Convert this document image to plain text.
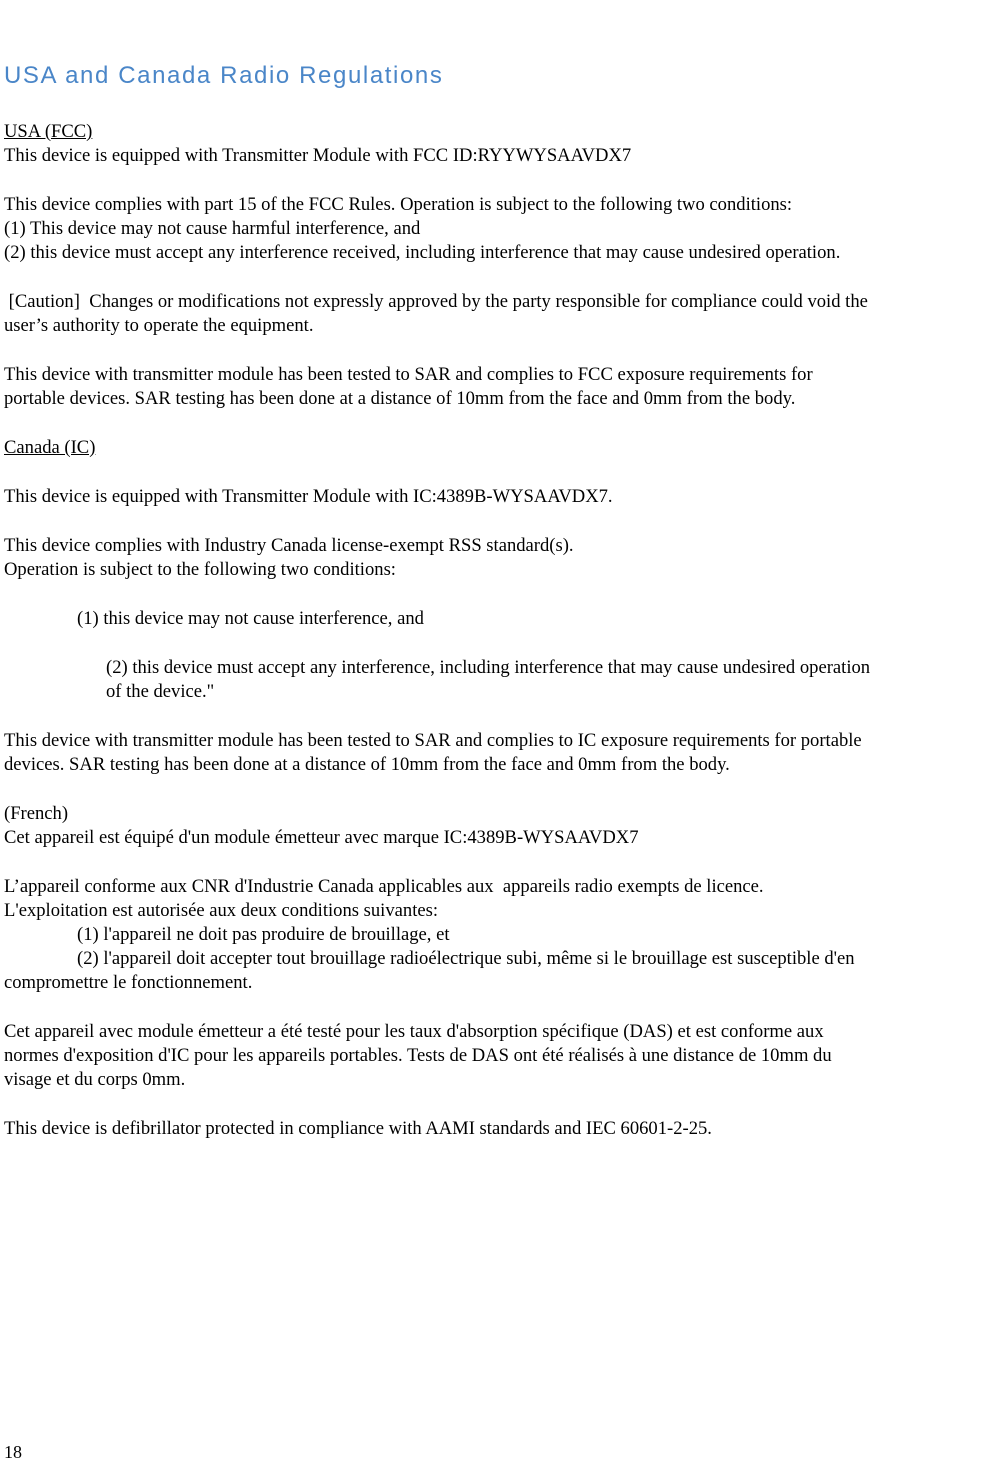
USA and Canada Radio Regulations
USA (FCC)
This device is equipped with Transmitter Module with FCC ID:RYYWYSAAVDX7
This device complies with part 15 of the FCC Rules. Operation is subject to the following two conditions:
(1) This device may not cause harmful interference, and
(2) this device must accept any interference received, including interference that may cause undesired operation.
[Caution]  Changes or modifications not expressly approved by the party responsible for compliance could void the
user’s authority to operate the equipment.
This device with transmitter module has been tested to SAR and complies to FCC exposure requirements for
portable devices. SAR testing has been done at a distance of 10mm from the face and 0mm from the body.
Canada (IC)
This device is equipped with Transmitter Module with IC:4389B-WYSAAVDX7.
This device complies with Industry Canada license-exempt RSS standard(s).
Operation is subject to the following two conditions:
(1) this device may not cause interference, and
(2) this device must accept any interference, including interference that may cause undesired operation
of the device."
This device with transmitter module has been tested to SAR and complies to IC exposure requirements for portable
devices. SAR testing has been done at a distance of 10mm from the face and 0mm from the body.
(French)
Cet appareil est équipé d'un module émetteur avec marque IC:4389B-WYSAAVDX7
L’appareil conforme aux CNR d'Industrie Canada applicables aux  appareils radio exempts de licence.
L'exploitation est autorisée aux deux conditions suivantes:
(1) l'appareil ne doit pas produire de brouillage, et
(2) l'appareil doit accepter tout brouillage radioélectrique subi, même si le brouillage est susceptible d'en
compromettre le fonctionnement.
Cet appareil avec module émetteur a été testé pour les taux d'absorption spécifique (DAS) et est conforme aux
normes d'exposition d'IC pour les appareils portables. Tests de DAS ont été réalisés à une distance de 10mm du
visage et du corps 0mm.
This device is defibrillator protected in compliance with AAMI standards and IEC 60601-2-25.
18
